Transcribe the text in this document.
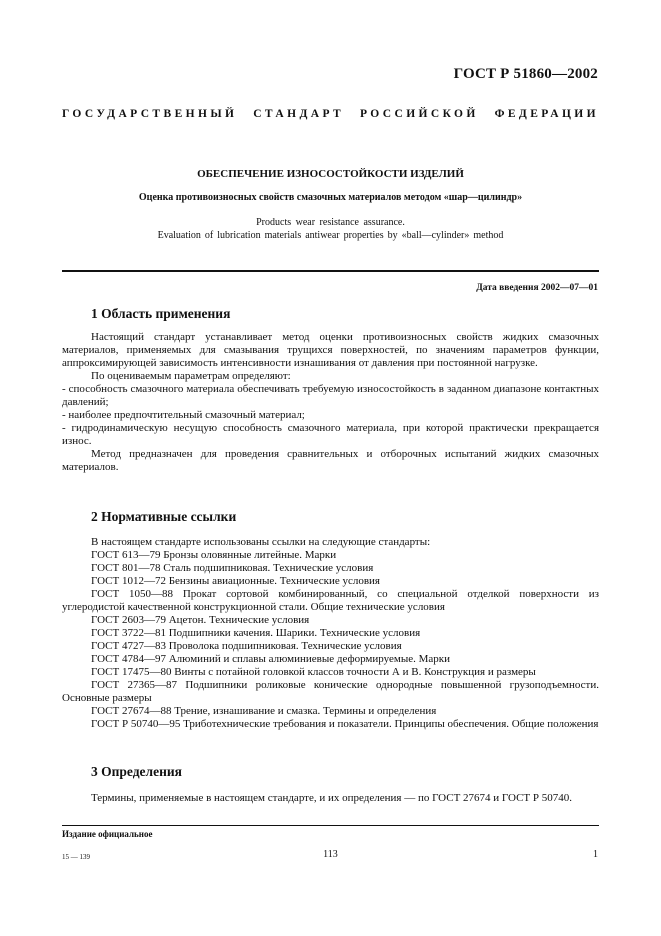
ГОСТ Р 51860—2002
ГОСУДАРСТВЕННЫЙ СТАНДАРТ РОССИЙСКОЙ ФЕДЕРАЦИИ
ОБЕСПЕЧЕНИЕ ИЗНОСОСТОЙКОСТИ ИЗДЕЛИЙ
Оценка противоизносных свойств смазочных материалов методом «шар—цилиндр»
Products wear resistance assurance.
Evaluation of lubrication materials antiwear properties by «ball—cylinder» method
Дата введения 2002—07—01
1 Область применения

Настоящий стандарт устанавливает метод оценки противоизносных свойств жидких смазочных материалов, применяемых для смазывания трущихся поверхностей, по значениям параметров функции, аппроксимирующей зависимость интенсивности изнашивания от давления при постоянной нагрузке.

По оцениваемым параметрам определяют:

- способность смазочного материала обеспечивать требуемую износостойкость в заданном диапазоне контактных давлений;

- наиболее предпочтительный смазочный материал;

- гидродинамическую несущую способность смазочного материала, при которой практически прекращается износ.

Метод предназначен для проведения сравнительных и отборочных испытаний жидких смазочных материалов.

2 Нормативные ссылки

В настоящем стандарте использованы ссылки на следующие стандарты:

ГОСТ 613—79 Бронзы оловянные литейные. Марки

ГОСТ 801—78 Сталь подшипниковая. Технические условия

ГОСТ 1012—72 Бензины авиационные. Технические условия

ГОСТ 1050—88 Прокат сортовой комбинированный, со специальной отделкой поверхности из углеродистой качественной конструкционной стали. Общие технические условия

ГОСТ 2603—79 Ацетон. Технические условия

ГОСТ 3722—81 Подшипники качения. Шарики. Технические условия

ГОСТ 4727—83 Проволока подшипниковая. Технические условия

ГОСТ 4784—97 Алюминий и сплавы алюминиевые деформируемые. Марки

ГОСТ 17475—80 Винты с потайной головкой классов точности А и В. Конструкция и размеры

ГОСТ 27365—87 Подшипники роликовые конические однородные повышенной грузоподъемности. Основные размеры

ГОСТ 27674—88 Трение, изнашивание и смазка. Термины и определения

ГОСТ Р 50740—95 Триботехнические требования и показатели. Принципы обеспечения. Общие положения

3 Определения

Термины, применяемые в настоящем стандарте, и их определения — по ГОСТ 27674 и ГОСТ Р 50740.

Издание официальное
15 — 139	113	1
